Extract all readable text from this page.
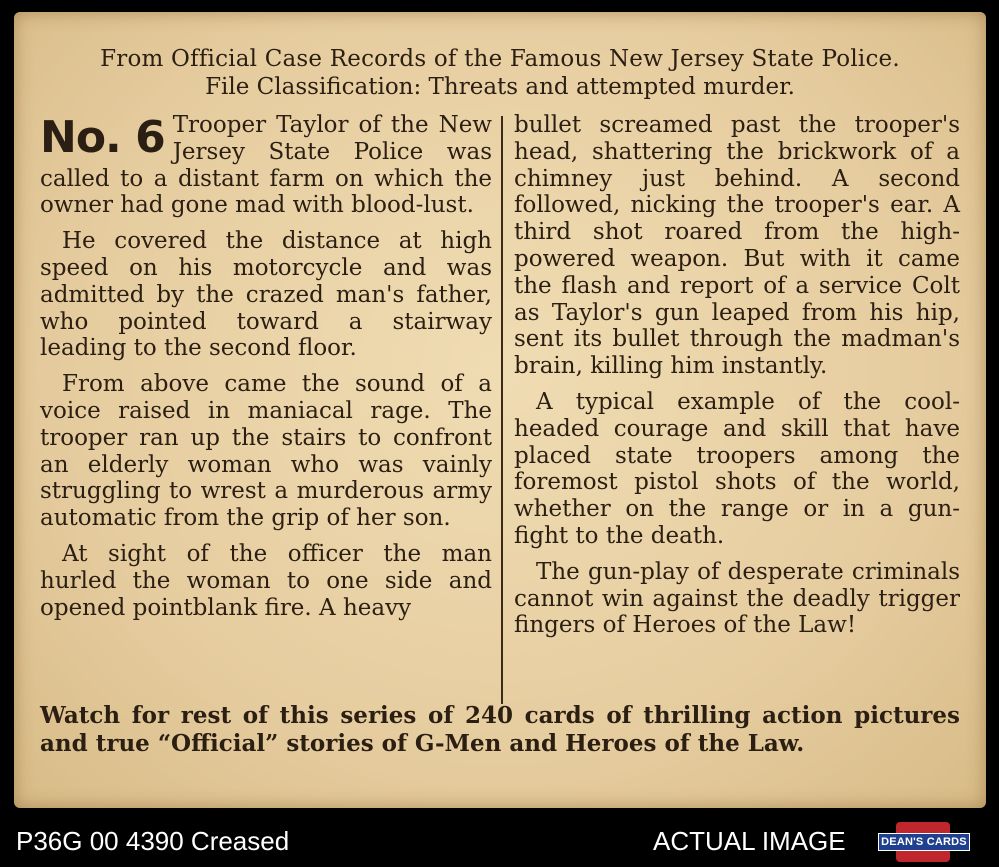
From Official Case Records of the Famous New Jersey State Police.
File Classification: Threats and attempted murder.
No. 6 Trooper Taylor of the New Jersey State Police was called to a distant farm on which the owner had gone mad with blood-lust.

He covered the distance at high speed on his motorcycle and was admitted by the crazed man's father, who pointed toward a stairway leading to the second floor.

From above came the sound of a voice raised in maniacal rage. The trooper ran up the stairs to confront an elderly woman who was vainly struggling to wrest a murderous army automatic from the grip of her son.

At sight of the officer the man hurled the woman to one side and opened pointblank fire. A heavy

bullet screamed past the trooper's head, shattering the brickwork of a chimney just behind. A second followed, nicking the trooper's ear. A third shot roared from the high-powered weapon. But with it came the flash and report of a service Colt as Taylor's gun leaped from his hip, sent its bullet through the madman's brain, killing him instantly.

A typical example of the cool-headed courage and skill that have placed state troopers among the foremost pistol shots of the world, whether on the range or in a gun-fight to the death.

The gun-play of desperate criminals cannot win against the deadly trigger fingers of Heroes of the Law!

Watch for rest of this series of 240 cards of thrilling action pictures and true “Official” stories of G-Men and Heroes of the Law.
P36G 00 4390 Creased	ACTUAL IMAGE	DEAN'S CARDS
